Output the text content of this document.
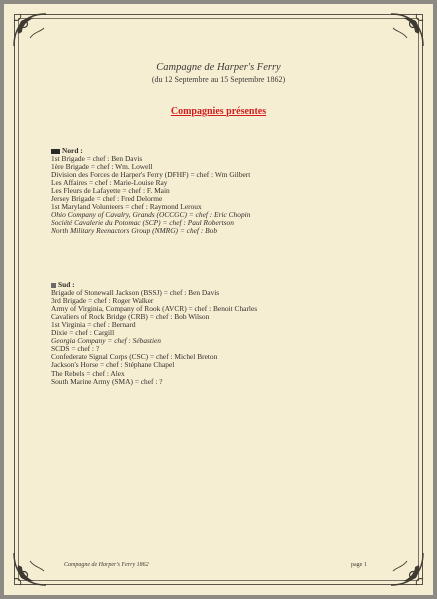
Campagne de Harper's Ferry
(du 12 Septembre au 15 Septembre 1862)
Compagnies présentes
Nord :
1st Brigade = chef : Ben Davis
1ère Brigade = chef : Wm. Lowell
Division des Forces de Harper's Ferry (DFHF) = chef : Wm Gilbert
Les Affaires = chef : Marie-Louise Ray
Les Fleurs de Lafayette = chef : F. Main
Jersey Brigade = chef : Fred Delorme
1st Maryland Volunteers = chef : Raymond Leroux
Ohio Company of Cavalry, Grands (OCCGC) = chef : Eric Chopin
Société Cavalerie du Potomac (SCP) = chef : Paul Robertson
North Military Reenactors Group (NMRG) = chef : Bob
Sud :
Brigade of Stonewall Jackson (BSSJ) = chef : Ben Davis
3rd Brigade = chef : Roger Walker
Army of Virginia, Company of Rook (AVCR) = chef : Benoit Charles
Cavaliers of Rock Bridge (CRB) = chef : Bob Wilson
1st Virginia = chef : Bernard
Dixie = chef : Cargill
Georgia Company = chef : Sébastien
SCDS = chef : ?
Confederate Signal Corps (CSC) = chef : Michel Breton
Jackson's Horse = chef : Stéphane Chapel
The Rebels = chef : Alex
South Marine Army (SMA) = chef : ?
Campagne de Harper's Ferry 1862	page 1
